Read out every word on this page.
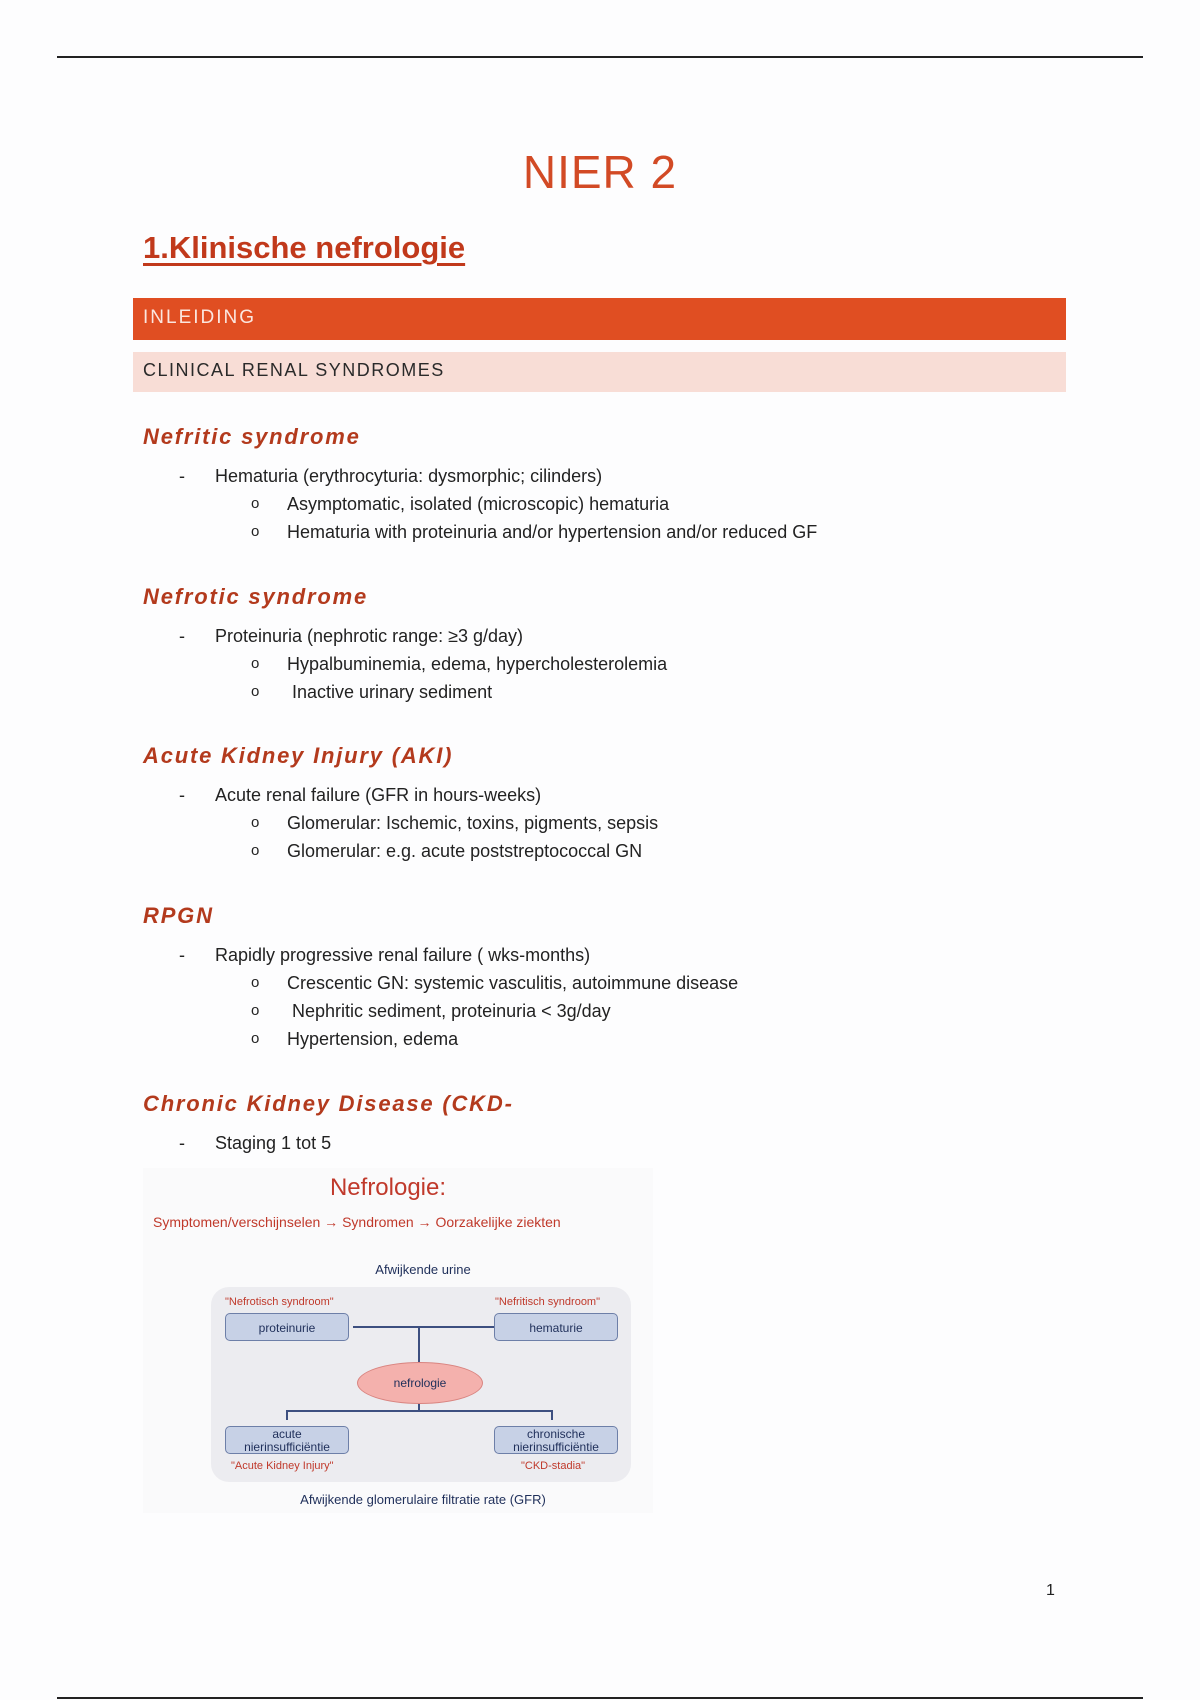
NIER 2
1.Klinische nefrologie
INLEIDING
CLINICAL RENAL SYNDROMES
Nefritic syndrome
- Hematuria (erythrocyturia: dysmorphic; cilinders)
o Asymptomatic, isolated (microscopic) hematuria
o Hematuria with proteinuria and/or hypertension and/or reduced GF
Nefrotic syndrome
- Proteinuria (nephrotic range: ≥3 g/day)
o Hypalbuminemia, edema, hypercholesterolemia
o Inactive urinary sediment
Acute Kidney Injury (AKI)
- Acute renal failure (GFR in hours-weeks)
o Glomerular: Ischemic, toxins, pigments, sepsis
o Glomerular: e.g. acute poststreptococcal GN
RPGN
- Rapidly progressive renal failure ( wks-months)
o Crescentic GN: systemic vasculitis, autoimmune disease
o Nephritic sediment, proteinuria < 3g/day
o Hypertension, edema
Chronic Kidney Disease (CKD-
- Staging 1 tot 5
Nefrologie:
Symptomen/verschijnselen → Syndromen → Oorzakelijke ziekten
Afwijkende urine
"Nefrotisch syndroom"	"Nefritisch syndroom"
proteinurie	hematurie
nefrologie
acute
nierinsufficiëntie
chronische
nierinsufficiëntie
"Acute Kidney Injury"	"CKD-stadia"
Afwijkende glomerulaire filtratie rate (GFR)
1
